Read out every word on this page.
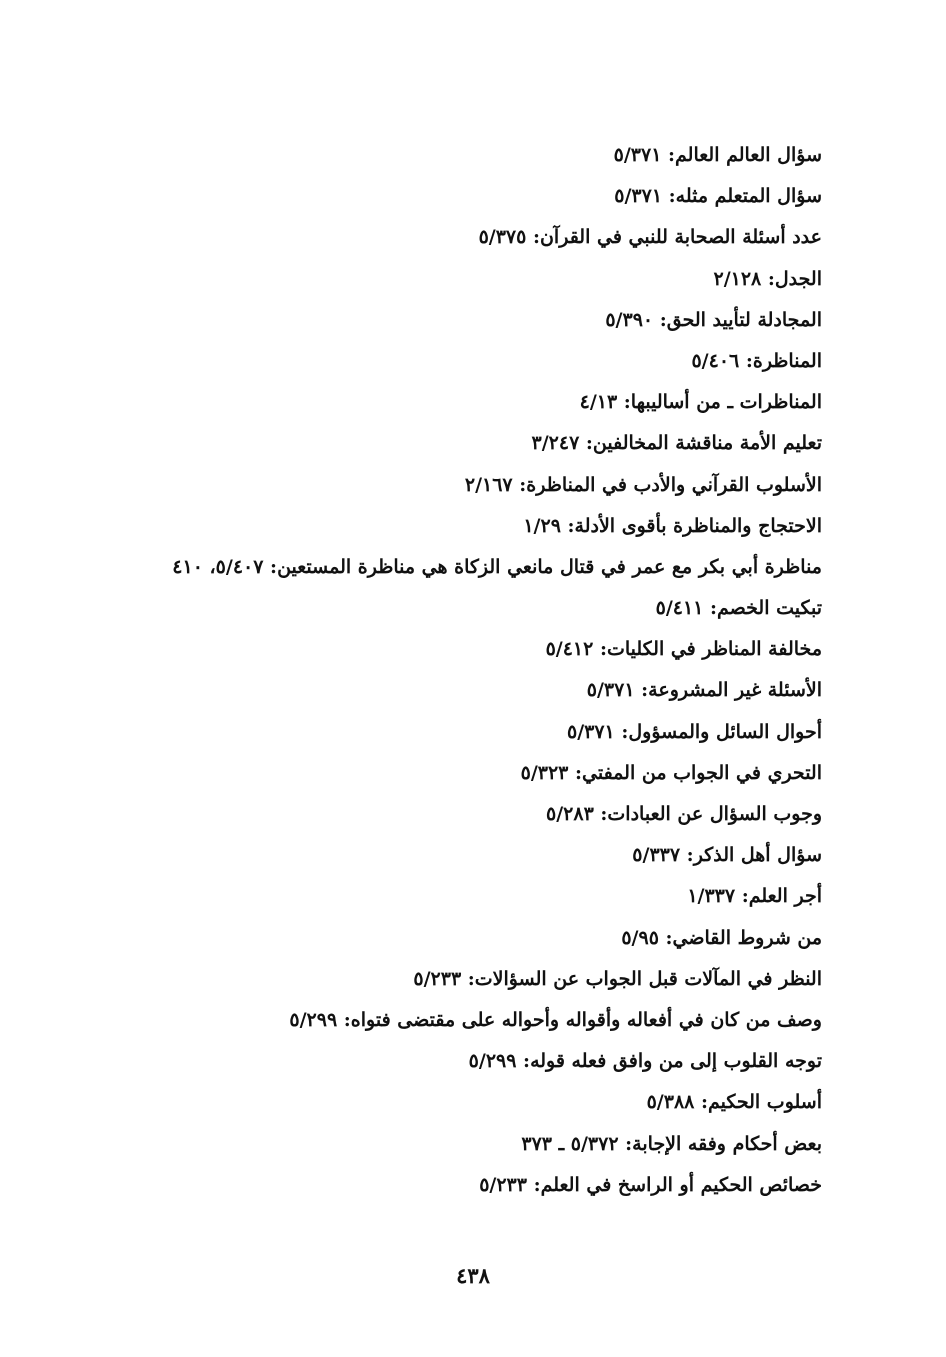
سؤال العالم العالم: ٥/٣٧١
سؤال المتعلم مثله: ٥/٣٧١
عدد أسئلة الصحابة للنبي في القرآن: ٥/٣٧٥
الجدل: ٢/١٢٨
المجادلة لتأييد الحق: ٥/٣٩٠
المناظرة: ٥/٤٠٦
المناظرات ـ من أساليبها: ٤/١٣
تعليم الأمة مناقشة المخالفين: ٣/٢٤٧
الأسلوب القرآني والأدب في المناظرة: ٢/١٦٧
الاحتجاج والمناظرة بأقوى الأدلة: ١/٢٩
مناظرة أبي بكر مع عمر في قتال مانعي الزكاة هي مناظرة المستعين: ٥/٤٠٧، ٤١٠
تبكيت الخصم: ٥/٤١١
مخالفة المناظر في الكليات: ٥/٤١٢
الأسئلة غير المشروعة: ٥/٣٧١
أحوال السائل والمسؤول: ٥/٣٧١
التحري في الجواب من المفتي: ٥/٣٢٣
وجوب السؤال عن العبادات: ٥/٢٨٣
سؤال أهل الذكر: ٥/٣٣٧
أجر العلم: ١/٣٣٧
من شروط القاضي: ٥/٩٥
النظر في المآلات قبل الجواب عن السؤالات: ٥/٢٣٣
وصف من كان في أفعاله وأقواله وأحواله على مقتضى فتواه: ٥/٢٩٩
توجه القلوب إلى من وافق فعله قوله: ٥/٢٩٩
أسلوب الحكيم: ٥/٣٨٨
بعض أحكام وفقه الإجابة: ٥/٣٧٢ ـ ٣٧٣
خصائص الحكيم أو الراسخ في العلم: ٥/٢٣٣
٤٣٨
